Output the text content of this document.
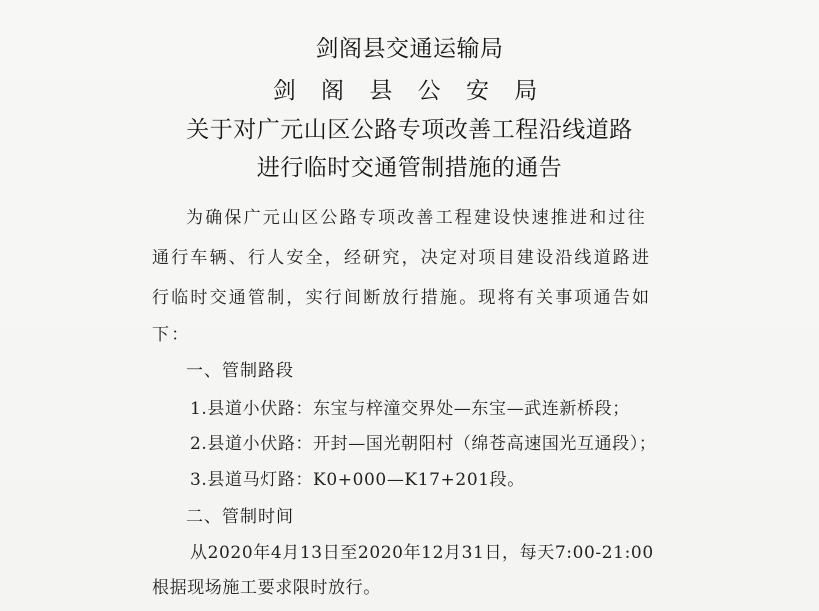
剑阁县交通运输局
剑 阁 县 公 安 局
关于对广元山区公路专项改善工程沿线道路
进行临时交通管制措施的通告
为确保广元山区公路专项改善工程建设快速推进和过往
通行车辆、行人安全，经研究，决定对项目建设沿线道路进
行临时交通管制，实行间断放行措施。现将有关事项通告如
下：
一、管制路段
1.县道小伏路：东宝与梓潼交界处—东宝—武连新桥段；
2.县道小伏路：开封—国光朝阳村（绵苍高速国光互通段）；
3.县道马灯路：K0+000—K17+201段。
二、管制时间
从2020年4月13日至2020年12月31日，每天7:00-21:00
根据现场施工要求限时放行。
